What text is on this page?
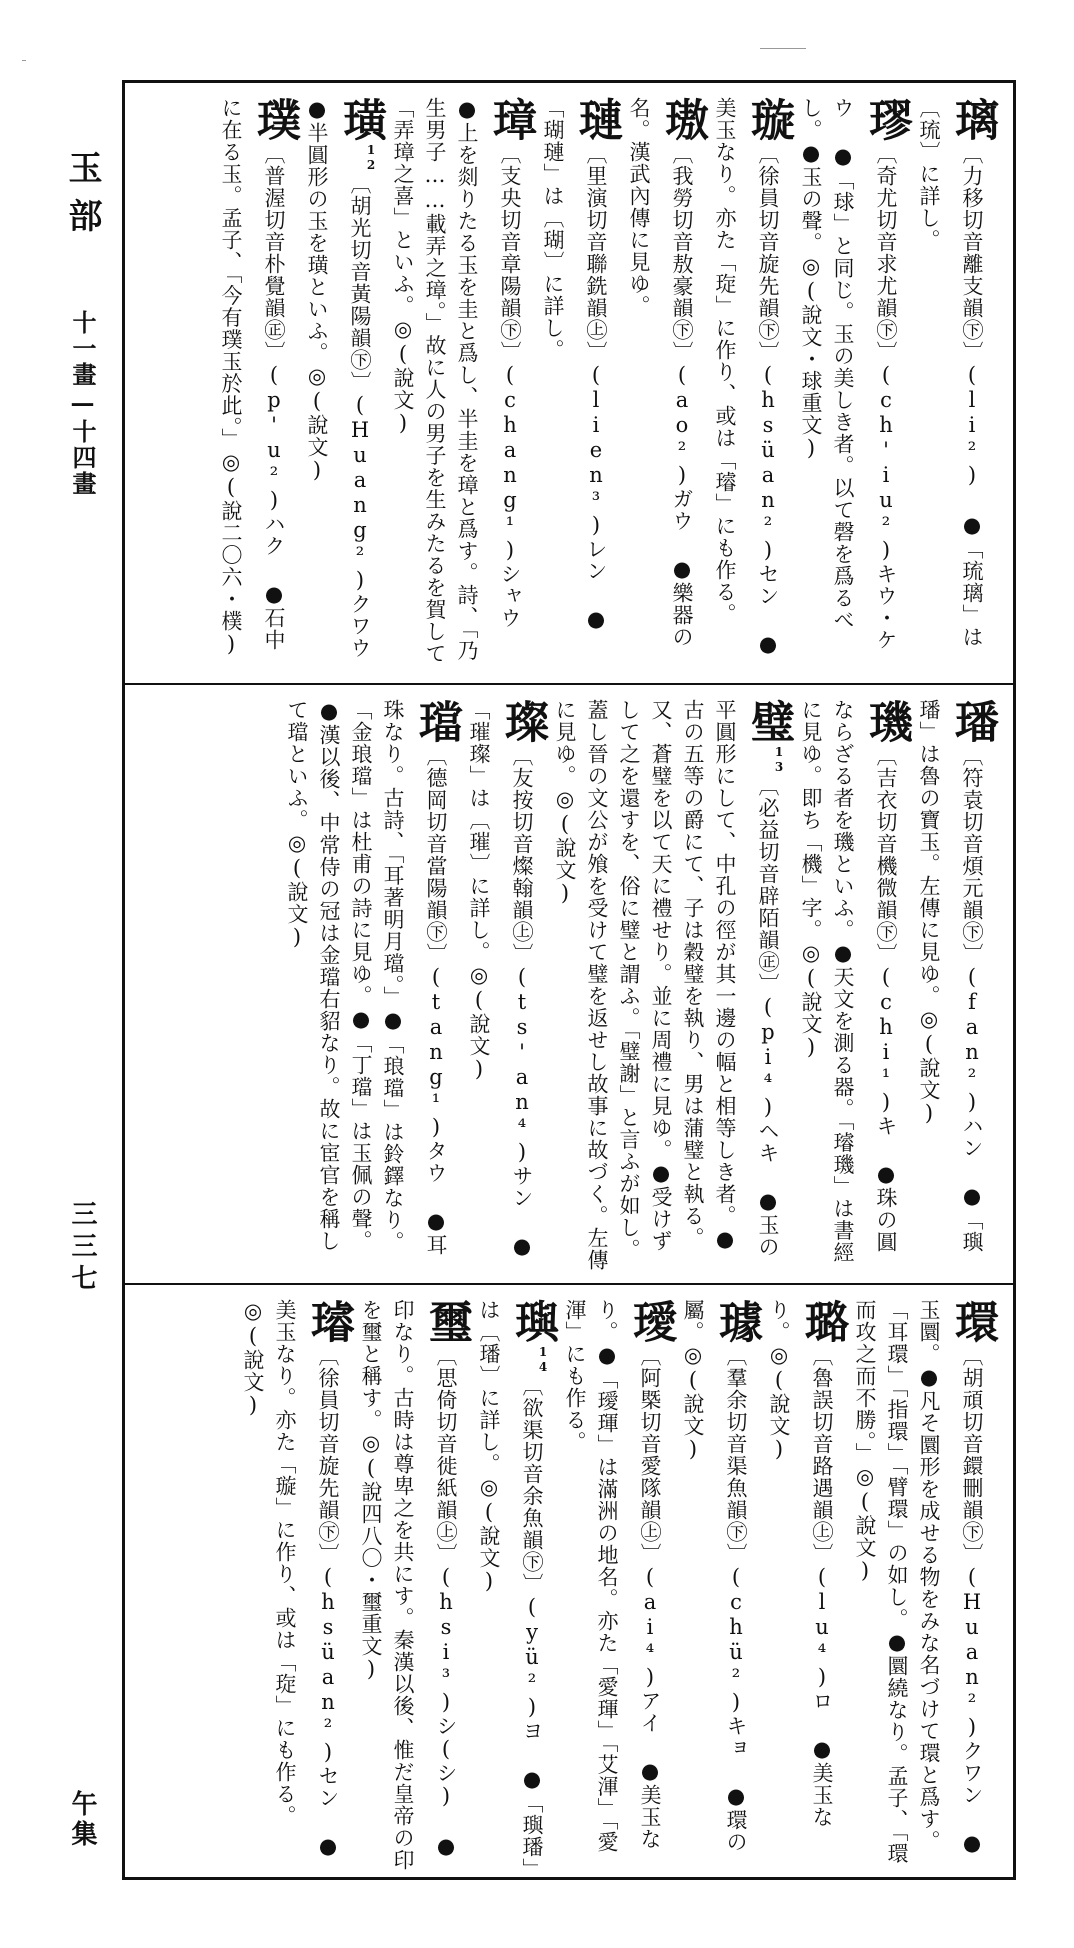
玉部
十一畫—十四畫
三三七
午集
璃〔力移切音離支韻㊦〕(li²) ●「琉璃」は〔琉〕に詳し。
璆〔奇尤切音求尤韻㊦〕(ch'iu²)キウ・ケウ ●「球」と同じ。玉の美しき者。以て磬を爲るべし。●玉の聲。◎(說文・球重文)
璇〔徐員切音旋先韻㊦〕(hsüan²)セン ●美玉なり。亦た「琁」に作り、或は「璿」にも作る。
璈〔我勞切音敖豪韻㊦〕(ao²)ガウ ●樂器の名。漢武內傳に見ゆ。
璉〔里演切音聯銑韻㊤〕(lien³)レン ●「瑚璉」は〔瑚〕に詳し。
璋〔支央切音章陽韻㊦〕(chang¹)シャウ ●上を剡りたる玉を圭と爲し、半圭を璋と爲す。詩、「乃生男子……載弄之璋。」故に人の男子を生みたるを賀して「弄璋之喜」といふ。◎(說文)
璜$^{12}$〔胡光切音黃陽韻㊦〕(Huang²)クワウ ●半圓形の玉を璜といふ。◎(說文)
璞〔普渥切音朴覺韻㊣〕(p'u²)ハク ●石中に在る玉。孟子、「今有璞玉於此。」◎(說二〇六・樸)
璠〔符袁切音煩元韻㊦〕(fan²)ハン ●「璵璠」は魯の寶玉。左傳に見ゆ。◎(說文)
璣〔吉衣切音機微韻㊦〕(chi¹)キ ●珠の圓ならざる者を璣といふ。●天文を測る器。「璿璣」は書經に見ゆ。即ち「機」字。◎(說文)
璧$^{13}$〔必益切音辟陌韻㊣〕(pi⁴)ヘキ ●玉の平圓形にして、中孔の徑が其一邊の幅と相等しき者。●古の五等の爵にて、子は穀璧を執り、男は蒲璧と執る。又、蒼璧を以て天に禮せり。並に周禮に見ゆ。●受けずして之を還すを、俗に璧と謂ふ。「璧謝」と言ふが如し。蓋し晉の文公が飧を受けて璧を返せし故事に故づく。左傳に見ゆ。◎(說文)
璨〔友按切音燦翰韻㊤〕(ts'an⁴)サン ●「璀璨」は〔璀〕に詳し。◎(說文)
璫〔德岡切音當陽韻㊦〕(tang¹)タウ ●耳珠なり。古詩、「耳著明月璫。」●「琅璫」は鈴鐸なり。「金琅璫」は杜甫の詩に見ゆ。●「丁璫」は玉佩の聲。●漢以後、中常侍の冠は金璫右貂なり。故に宦官を稱して璫といふ。◎(說文)
環〔胡頑切音鐶刪韻㊦〕(Huan²)クワン ●玉圜。●凡そ圜形を成せる物をみな名づけて環と爲す。「耳環」「指環」「臂環」の如し。●圜繞なり。孟子、「環而攻之而不勝。」◎(說文)
璐〔魯誤切音路遇韻㊤〕(lu⁴)ロ ●美玉なり。◎(說文)
璩〔羣余切音渠魚韻㊦〕(chü²)キョ ●環の屬。◎(說文)
璦〔阿槩切音愛隊韻㊤〕(ai⁴)アイ ●美玉なり。●「璦琿」は滿洲の地名。亦た「愛琿」「艾渾」「愛渾」にも作る。
璵$^{14}$〔欲渠切音余魚韻㊦〕(yü²)ヨ ●「璵璠」は〔璠〕に詳し。◎(說文)
璽〔思倚切音徙紙韻㊤〕(hsi³)シ(シ) ●印なり。古時は尊卑之を共にす。秦漢以後、惟だ皇帝の印を璽と稱す。◎(說四八〇・璽重文)
璿〔徐員切音旋先韻㊦〕(hsüan²)セン ●美玉なり。亦た「璇」に作り、或は「琁」にも作る。◎(說文)
